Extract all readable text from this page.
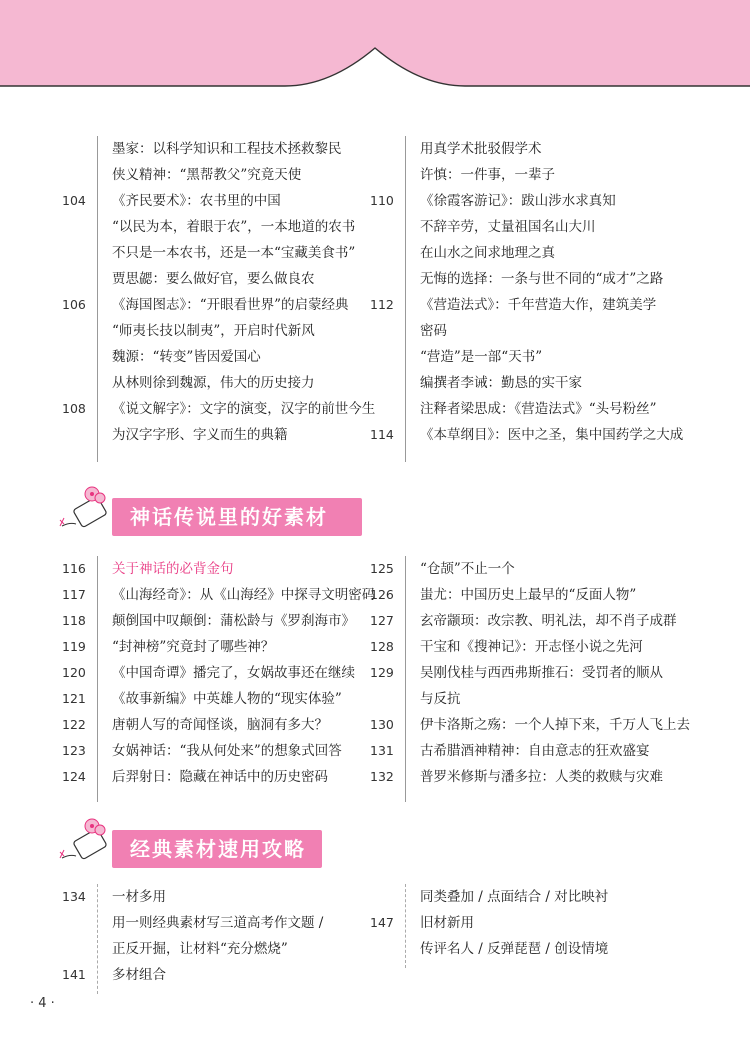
墨家：以科学知识和工程技术拯救黎民
侠义精神：“黑帮教父”究竟天使
104	《齐民要术》：农书里的中国
“以民为本，着眼于农”，一本地道的农书
不只是一本农书，还是一本“宝藏美食书”
贾思勰：要么做好官，要么做良农
106	《海国图志》：“开眼看世界”的启蒙经典
“师夷长技以制夷”，开启时代新风
魏源：“转变”皆因爱国心
从林则徐到魏源，伟大的历史接力
108	《说文解字》：文字的演变，汉字的前世今生
为汉字字形、字义而生的典籍
用真学术批驳假学术
许慎：一件事，一辈子
110	《徐霞客游记》：跋山涉水求真知
不辞辛劳，丈量祖国名山大川
在山水之间求地理之真
无悔的选择：一条与世不同的“成才”之路
112	《营造法式》：千年营造大作，建筑美学
密码
“营造”是一部“天书”
编撰者李诫：勤恳的实干家
注释者梁思成：《营造法式》“头号粉丝”
114	《本草纲目》：医中之圣，集中国药学之大成
神话传说里的好素材
116	关于神话的必背金句
117	《山海经奇》：从《山海经》中探寻文明密码
118	颠倒国中叹颠倒：蒲松龄与《罗刹海市》
119	“封神榜”究竟封了哪些神？
120	《中国奇谭》播完了，女娲故事还在继续
121	《故事新编》中英雄人物的“现实体验”
122	唐朝人写的奇闻怪谈，脑洞有多大？
123	女娲神话：“我从何处来”的想象式回答
124	后羿射日：隐藏在神话中的历史密码
125	“仓颉”不止一个
126	蚩尤：中国历史上最早的“反面人物”
127	玄帝颛顼：改宗教、明礼法，却不肖子成群
128	干宝和《搜神记》：开志怪小说之先河
129	吴刚伐桂与西西弗斯推石：受罚者的顺从
与反抗
130	伊卡洛斯之殇：一个人掉下来，千万人飞上去
131	古希腊酒神精神：自由意志的狂欢盛宴
132	普罗米修斯与潘多拉：人类的救赎与灾难
经典素材速用攻略
134	一材多用
用一则经典素材写三道高考作文题 /
正反开掘，让材料“充分燃烧”
141	多材组合
同类叠加 / 点面结合 / 对比映衬
147	旧材新用
传评名人 / 反弹琵琶 / 创设情境
· 4 ·
